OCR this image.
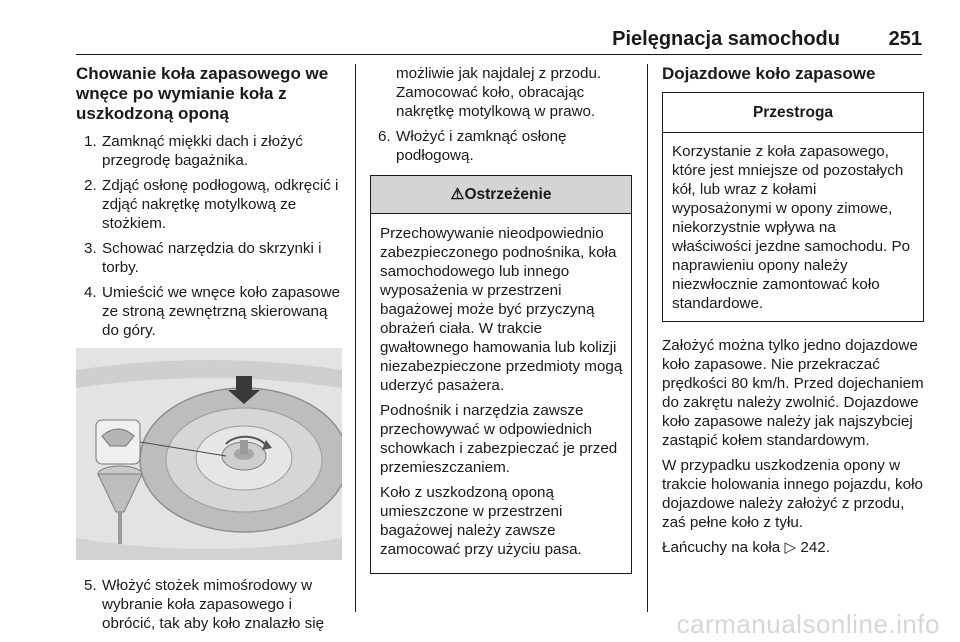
Pielęgnacja samochodu 251
Chowanie koła zapasowego we wnęce po wymianie koła z uszkodzoną oponą
1. Zamknąć miękki dach i złożyć przegrodę bagażnika.
2. Zdjąć osłonę podłogową, odkręcić i zdjąć nakrętkę motylkową ze stożkiem.
3. Schować narzędzia do skrzynki i torby.
4. Umieścić we wnęce koło zapasowe ze stroną zewnętrzną skierowaną do góry.
5. Włożyć stożek mimośrodowy w wybranie koła zapasowego i obrócić, tak aby koło znalazło się
możliwie jak najdalej z przodu. Zamocować koło, obracając nakrętkę motylkową w prawo.
6. Włożyć i zamknąć osłonę podłogową.
⚠Ostrzeżenie

Przechowywanie nieodpowiednio zabezpieczonego podnośnika, koła samochodowego lub innego wyposażenia w przestrzeni bagażowej może być przyczyną obrażeń ciała. W trakcie gwałtownego hamowania lub kolizji niezabezpieczone przedmioty mogą uderzyć pasażera.

Podnośnik i narzędzia zawsze przechowywać w odpowiednich schowkach i zabezpieczać je przed przemieszczaniem.

Koło z uszkodzoną oponą umieszczone w przestrzeni bagażowej należy zawsze zamocować przy użyciu pasa.

Dojazdowe koło zapasowe
Przestroga
Korzystanie z koła zapasowego, które jest mniejsze od pozostałych kół, lub wraz z kołami wyposażonymi w opony zimowe, niekorzystnie wpływa na właściwości jezdne samochodu. Po naprawieniu opony należy niezwłocznie zamontować koło standardowe.

Założyć można tylko jedno dojazdowe koło zapasowe. Nie przekraczać prędkości 80 km/h. Przed dojechaniem do zakrętu należy zwolnić. Dojazdowe koło zapasowe należy jak najszybciej zastąpić kołem standardowym.

W przypadku uszkodzenia opony w trakcie holowania innego pojazdu, koło dojazdowe należy założyć z przodu, zaś pełne koło z tyłu.

Łańcuchy na koła ▷ 242.

carmanualsonline.info
